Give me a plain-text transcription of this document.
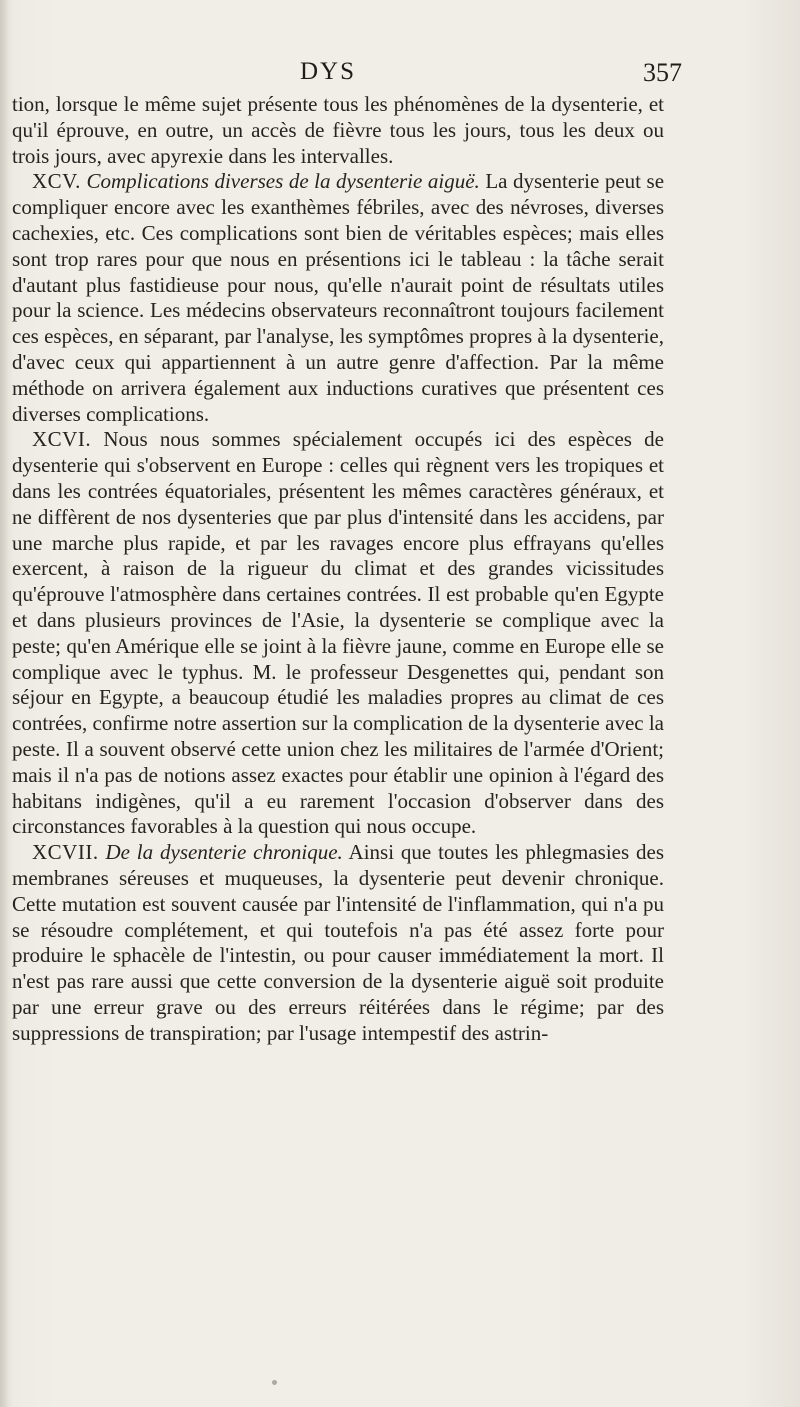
DYS	357

tion, lorsque le même sujet présente tous les phénomènes de la dysenterie, et qu'il éprouve, en outre, un accès de fièvre tous les jours, tous les deux ou trois jours, avec apyrexie dans les intervalles.

XCV. Complications diverses de la dysenterie aiguë. La dysenterie peut se compliquer encore avec les exanthèmes fébriles, avec des névroses, diverses cachexies, etc. Ces complications sont bien de véritables espèces; mais elles sont trop rares pour que nous en présentions ici le tableau : la tâche serait d'autant plus fastidieuse pour nous, qu'elle n'aurait point de résultats utiles pour la science. Les médecins observateurs reconnaîtront toujours facilement ces espèces, en séparant, par l'analyse, les symptômes propres à la dysenterie, d'avec ceux qui appartiennent à un autre genre d'affection. Par la même méthode on arrivera également aux inductions curatives que présentent ces diverses complications.

XCVI. Nous nous sommes spécialement occupés ici des espèces de dysenterie qui s'observent en Europe : celles qui règnent vers les tropiques et dans les contrées équatoriales, présentent les mêmes caractères généraux, et ne diffèrent de nos dysenteries que par plus d'intensité dans les accidens, par une marche plus rapide, et par les ravages encore plus effrayans qu'elles exercent, à raison de la rigueur du climat et des grandes vicissitudes qu'éprouve l'atmosphère dans certaines contrées. Il est probable qu'en Egypte et dans plusieurs provinces de l'Asie, la dysenterie se complique avec la peste; qu'en Amérique elle se joint à la fièvre jaune, comme en Europe elle se complique avec le typhus. M. le professeur Desgenettes qui, pendant son séjour en Egypte, a beaucoup étudié les maladies propres au climat de ces contrées, confirme notre assertion sur la complication de la dysenterie avec la peste. Il a souvent observé cette union chez les militaires de l'armée d'Orient; mais il n'a pas de notions assez exactes pour établir une opinion à l'égard des habitans indigènes, qu'il a eu rarement l'occasion d'observer dans des circonstances favorables à la question qui nous occupe.

XCVII. De la dysenterie chronique. Ainsi que toutes les phlegmasies des membranes séreuses et muqueuses, la dysenterie peut devenir chronique. Cette mutation est souvent causée par l'intensité de l'inflammation, qui n'a pu se résoudre complétement, et qui toutefois n'a pas été assez forte pour produire le sphacèle de l'intestin, ou pour causer immédiatement la mort. Il n'est pas rare aussi que cette conversion de la dysenterie aiguë soit produite par une erreur grave ou des erreurs réitérées dans le régime; par des suppressions de transpiration; par l'usage intempestif des astrin-
